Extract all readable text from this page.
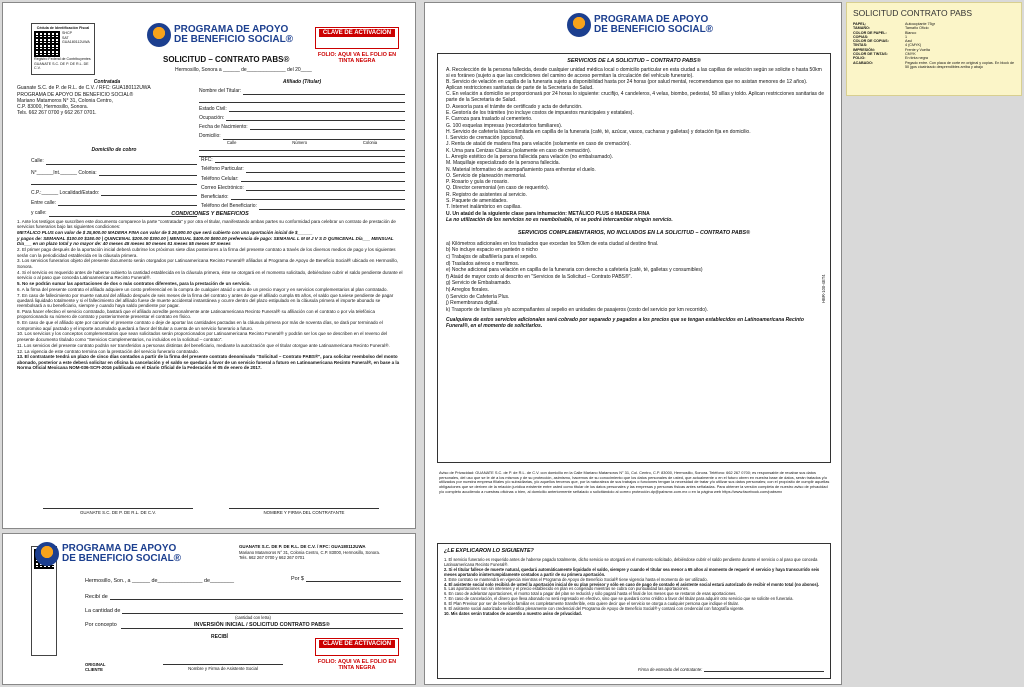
Cédula de Identificación Fiscal
SHCP
SAT
GUA180112UWA
Registro Federal de Contribuyentes
GUANATE S.C. DE P. DE R.L. DE C.V.
PROGRAMA DE APOYO
DE BENEFICIO SOCIAL®
SOLICITUD – CONTRATO PABS®
Hermosillo, Sonora a ______ de______________ del 20____
CLAVE DE ACTIVACION
FOLIO: AQUI VA EL FOLIO EN TINTA NEGRA
Contratada
Guanate S.C. de P. de R.L. de C.V. / RFC: GUA180112UWA
PROGRAMA DE APOYO DE BENEFICIO SOCIAL®
Mariano Matamoros N° 31, Colonia Centro,
C.P. 83000, Hermosillo, Sonora.
Tels. 662 267 0700 y 662 267 0701.
Afiliado (Titular)
Nombre del Titular:
Estado Civil:
Ocupación:
Fecha de Nacimiento:
Domicilio:
Calle	Número	Colonia
Domicilio de cobro
Calle:
N°______Int.______ Colonia:
C.P.:______ Localidad/Estado:
Entre calle:
y calle:
RFC:
Teléfono Particular:
Teléfono Celular:
Correo Electrónico:
Beneficiario:
Teléfono del Beneficiario:
CONDICIONES Y BENEFICIOS

1. Ante los testigos que suscriben este documento comparece la parte "contratada" y por otra el titular, manifestando ambas partes su conformidad para celebrar un contrato de prestación de servicios funerarios bajo las siguientes condiciones:

METÁLICO PLUS con valor de $ 25,900.00 MADERA FINA con valor de $ 26,900.00 que será cubierto con una aportación inicial de $______

y pagos de: SEMANAL $100.00 $150.00 | QUINCENAL $200.00 $300.00 | MENSUAL $400.00 $600.00 preferencia de pago: SEMANAL L M M J V S D QUINCENAL Día___ MENSUAL Día___ en un plazo total y no mayor de: 40 meses 45 meses 50 meses 51 meses 55 meses 57 meses

2. El primer pago después de la aportación inicial deberá cubrirse los próximos siete días posteriores a la firma del presente contrato a través de los diversos medios de pago y los siguientes serán con la periodicidad establecida en la cláusula primera.

3. Los servicios funerarios objeto del presente documento serán otorgados por Latinoamericana Recinto Funeral® afiliados al Programa de Apoyo de Beneficio Social® ubicado en Hermosillo, Sonora.

4. Si el servicio es requerido antes de haberse cubierto la cantidad establecida en la cláusula primera, éste se otorgará en el momento solicitado, debiéndose cubrir el saldo pendiente durante el servicio o al paso que conceda Latinoamericana Recinto Funeral®.

5. No se podrán sumar las aportaciones de dos o más contratos diferentes, para la prestación de un servicio.

6. A la firma del presente contrato el afiliado adquiere un costo preferencial en la compra de cualquier ataúd o urna de un precio mayor y en servicios complementarios al plan contratado.

7. En caso de fallecimiento por muerte natural del afiliado después de seis meses de la firma del contrato y antes de que el afiliado cumpla 65 años, el saldo que tuviese pendiente de pagar quedará liquidado totalmente y si el fallecimiento del afiliado fuese de muerte accidental instantánea y ocurre dentro del plazo estipulado en la cláusula primera el importe abonado se reembolsará a su beneficiario, siempre y cuando haya saldo pendiente por pagar.

8. Para hacer efectivo el servicio contratado, bastará que el afiliado acredite personalmente ante Latinoamericana Recinto Funeral® su afiliación con el contrato o por vía telefónica proporcionando su número de contrato y posteriormente presentar el contrato en físico.

9. En caso de que el afiliado opte por cancelar el presente contrato o deje de aportar las cantidades pactadas en la cláusula primera por más de noventa días, se dará por terminado el compromiso aquí pactado y el importe acumulado quedará a favor del titular a cuenta de un servicio funerario a futuro.

10. Los servicios y los conceptos complementarios que sean solicitados serán proporcionados por Latinoamericana Recinto Funeral® y podrán ser los que se describen en el reverso del presente documento titulado como "Servicios Complementarios, no incluidos en la solicitud – contrato".

11. Los servicios del presente contrato podrán ser transferidos a personas distintas del beneficiario, mediante la autorización que el titular otorgue ante Latinoamericana Recinto Funeral®.

12. La vigencia de este contrato termina con la prestación del servicio funerario contratado.

13. El contratante tendrá un plazo de cinco días contados a partir de la firma del presente contrato denominado "Solicitud – Contrato PABS®", para solicitar reembolso del monto abonado, posterior a este deberá solicitar en oficina la cancelación y el saldo se quedará a favor de un servicio funeral a futuro en Latinoamericana Recinto Funeral®, en base a la Norma Oficial Mexicana NOM-036-SCFI-2016 publicada en el Diario Oficial de la Federación el 05 de enero de 2017.

GUANATE S.C. DE P. DE R.L. DE C.V.	NOMBRE Y FIRMA DEL CONTRATANTE
PROGRAMA DE APOYO
DE BENEFICIO SOCIAL®
GUANATE S.C. DE P. DE R.L. DE C.V. / RFC: GUA180112UWA
Mariano Matamoros N° 31, Colonia Centro, C.P. 83000, Hermosillo, Sonora.
Tels. 662 267 0700 y 662 267 0701
Hermosillo, Son., a ______ de_______________ de________	Por $
Recibí de
La cantidad de
(cantidad con letra)
Por concepto	INVERSIÓN INICIAL / SOLICITUD CONTRATO PABS®
RECIBÍ
ORIGINAL CLIENTE	Nombre y Firma de Asistente Social
CLAVE DE ACTIVACION
FOLIO: AQUI VA EL FOLIO EN TINTA NEGRA
PROGRAMA DE APOYO
DE BENEFICIO SOCIAL®
SERVICIOS DE LA SOLICITUD – CONTRATO PABS®

A. Recolección de la persona fallecida, desde cualquier unidad médica local o domicilio particular en esta ciudad a las capillas de velación según se solicite o hasta 50km si es foráneo (sujeto a que las condiciones del camino de acceso permitan la circulación del vehículo funerario).

B. Servicio de velación en capilla de la funeraria sujeto a disponibilidad hasta por 24 horas (por salud mental, recomendamos que no asistan menores de 12 años). Aplican restricciones sanitarias de parte de la Secretaría de Salud.

C. En velación a domicilio se proporcionará por 24 horas lo siguiente: crucifijo, 4 candeleros, 4 velas, biombo, pedestal, 50 sillas y toldo. Aplican restricciones sanitarias de parte de la Secretaría de Salud.

D. Asesoría para el trámite de certificado y acta de defunción.

E. Gestoría de los trámites (no incluye costos de impuestos municipales y estatales).

F. Carroza para traslado al cementerio.

G. 100 esquelas impresas (recordatorios familiares).

H. Servicio de cafetería básica ilimitada en capilla de la funeraria (café, té, azúcar, vasos, cucharas y galletas) y dotación fija en domicilio.

I. Servicio de cremación (opcional).

J. Renta de ataúd de madera fina para velación (solamente en caso de cremación).

K. Urna para Cenizas Clásica (solamente en caso de cremación).

L. Arreglo estético de la persona fallecida para velación (no embalsamado).

M. Maquillaje especializado de la persona fallecida.

N. Material informativo de acompañamiento para enfrentar el duelo.

O. Servicio de planeación memorial.

P. Rosario y guía de rosario.

Q. Director ceremonial (en caso de requerirlo).

R. Registro de asistentes al servicio.

S. Paquete de amenidades.

T. Internet inalámbrico en capillas.

U. Un ataúd de la siguiente clase para inhumación: METÁLICO PLUS ó MADERA FINA

La no utilización de los servicios no es reembolsable, ni se podrá intercambiar ningún servicio.

SERVICIOS COMPLEMENTARIOS, NO INCLUIDOS EN LA SOLICITUD – CONTRATO PABS®

a) Kilómetros adicionales en los traslados que excedan los 50km de esta ciudad al destino final.

b) No incluye espacio en panteón o nicho

c) Trabajos de albañilería para el sepelio.

d) Traslados aéreos o marítimos.

e) Noche adicional para velación en capilla de la funeraria con derecho a cafetería (café, té, galletas y consumibles)

f) Ataúd de mayor costo al descrito en "Servicios de la Solicitud – Contrato PABS®".

g) Servicio de Embalsamado.

h) Arreglos florales.

i) Servicio de Cafetería Plus.

j) Remembranza digital.

k) Trasporte de familiares y/o acompañantes al sepelio en unidades de pasajeros (costo del servicio por km recorrido).

Cualquiera de estos servicios adicionales será cobrado por separado y pagados a los precios que se tengan establecidos en Latinoamericana Recinto Funeral®, en el momento de solicitarlos.

HBR-100-4ET4
Aviso de Privacidad: GUANATE S.C. de P. de R.L. de C.V. con domicilio en la Calle Mariano Matamoros N° 31, Col. Centro, C.P. 83000, Hermosillo, Sonora. Teléfono: 662 267 0700; es responsable de recabar sus datos personales, del uso que se le dé a los mismos y de su protección, asimismo, hacemos de su conocimiento que los datos personales de usted, que actualmente o en el futuro obren en nuestra base de datos, serán tratados y/o utilizados por nuestra empresa filiales y/o subsidiarias, y/o aquellos terceros que, por la naturaleza de sus trabajos o funciones tengan la necesidad de tratar y/o utilizar sus datos personales; con el propósito de cumplir aquellas obligaciones que se deriven de la relación jurídica existente entre usted como titular de los datos personales y las empresas y personas físicas antes señaladas. Para obtener la versión completa de nuestro aviso de privacidad y/o completo acudiendo a nuestras oficinas o bien, al domicilio anteriormente señalado o solicitándolo al correo protección.dp@pabsmx.com.mx o en la página web https://www.facebook.com/pabsmx
¿LE EXPLICARON LO SIGUIENTE?

1. El servicio funerario es requerido antes de haberse pagado totalmente, dicho servicio se otorgará en el momento solicitado, debiéndose cubrir el saldo pendiente durante el servicio o al paso que conceda Latinoamericana Recinto Funeral®.

2. Si el titular fallece de muerte natural, quedará automáticamente liquidado el saldo, siempre y cuando el titular sea menor a 65 años al momento de requerir el servicio y haya transcurrido seis meses aportando ininterrumpidamente contados a partir de su primera aportación.

3. Este contrato se mantendrá en vigencia mientras el Programa de Apoyo de Beneficio Social® tiene vigencia hasta el momento de ser utilizado.

4. El asistente social solo recibirá de usted la aportación inicial de su plan previsor y sólo en caso de pago de contado el asistente social estará autorizado de recibir el monto total (no abonos).

5. Las aportaciones son sin intereses y el precio establecido en plan es congelado mientras se cubra con puntualidad las aportaciones.

6. En caso de adelantar aportaciones, el monto total a pagar del plan se reducirá y sólo pagará hasta el final de los meses que se restaron de esas aportaciones.

7. En caso de cancelación, el dinero que lleva abonado no será regresado en efectivo, sino que se quedará como crédito a favor del titular para adquirir otro servicio que se solicite en funeraria.

8. El Plan Previsor por ser de beneficio familiar es completamente transferible, esto quiere decir que el servicio se otorga a cualquier persona que indique el titular.

9. El asistente social autorizado se identifica plenamente con credencial del Programa de Apoyo de Beneficio Social® y contará con credencial con fotografía vigente.

10. Mis datos serán tratados de acuerdo a nuestro aviso de privacidad.

Firma de enterado del contratante:
SOLICITUD CONTRATO PABS
PAPEL:	Autocopiante 75gr
TAMAÑO:	Tamaño Oficio
COLOR DE PAPEL:	Blanco
COPIAS:	1
COLOR DE COPIAS:	Azul
TINTAS:	4 (CMYK)
IMPRESIÓN:	Frente y Vuelta
COLOR DE TINTAS:	CMYK
FOLIO:	En tinta negra
ACABADO:	Pegado entre. Con placa de corte en original y copias. En block de 50 jgos cicatrizado desprendibles arriba y abajo
